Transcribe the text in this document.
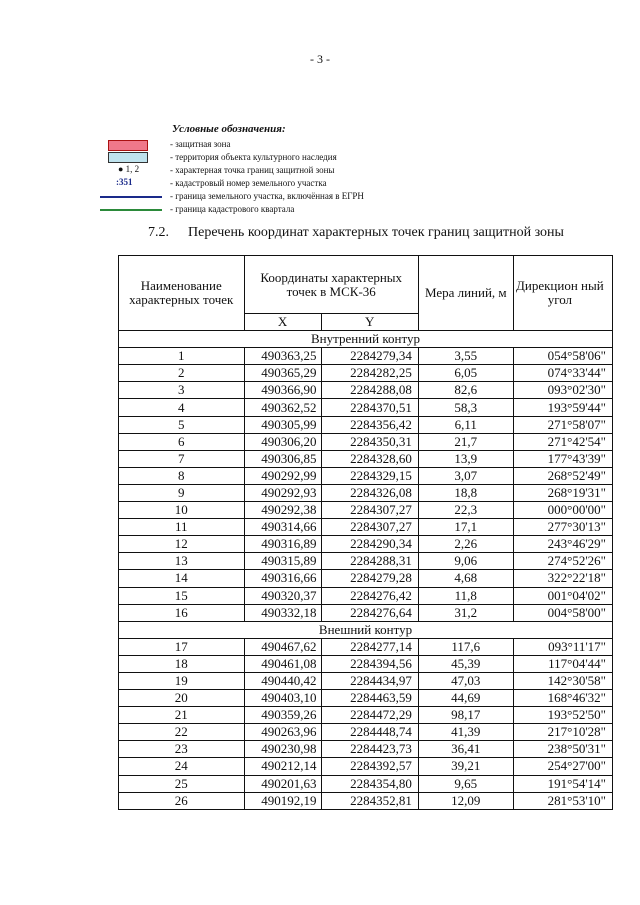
- 3 -
Условные обозначения:
- защитная зона
- территория объекта культурного наследия
● 1, 2	- характерная точка границ защитной зоны
:351	- кадастровый номер земельного участка
- граница земельного участка, включённая в ЕГРН
- граница кадастрового квартала
7.2. Перечень координат характерных точек границ защитной зоны
Наименование характерных точек	Координаты характерных точек в МСК-36		Мера линий, м	Дирекцион ный угол
	X	Y		
Внутренний контур				
1	490363,25	2284279,34	3,55	054°58'06"
2	490365,29	2284282,25	6,05	074°33'44"
3	490366,90	2284288,08	82,6	093°02'30"
4	490362,52	2284370,51	58,3	193°59'44"
5	490305,99	2284356,42	6,11	271°58'07"
6	490306,20	2284350,31	21,7	271°42'54"
7	490306,85	2284328,60	13,9	177°43'39"
8	490292,99	2284329,15	3,07	268°52'49"
9	490292,93	2284326,08	18,8	268°19'31"
10	490292,38	2284307,27	22,3	000°00'00"
11	490314,66	2284307,27	17,1	277°30'13"
12	490316,89	2284290,34	2,26	243°46'29"
13	490315,89	2284288,31	9,06	274°52'26"
14	490316,66	2284279,28	4,68	322°22'18"
15	490320,37	2284276,42	11,8	001°04'02"
16	490332,18	2284276,64	31,2	004°58'00"
Внешний контур				
17	490467,62	2284277,14	117,6	093°11'17"
18	490461,08	2284394,56	45,39	117°04'44"
19	490440,42	2284434,97	47,03	142°30'58"
20	490403,10	2284463,59	44,69	168°46'32"
21	490359,26	2284472,29	98,17	193°52'50"
22	490263,96	2284448,74	41,39	217°10'28"
23	490230,98	2284423,73	36,41	238°50'31"
24	490212,14	2284392,57	39,21	254°27'00"
25	490201,63	2284354,80	9,65	191°54'14"
26	490192,19	2284352,81	12,09	281°53'10"
